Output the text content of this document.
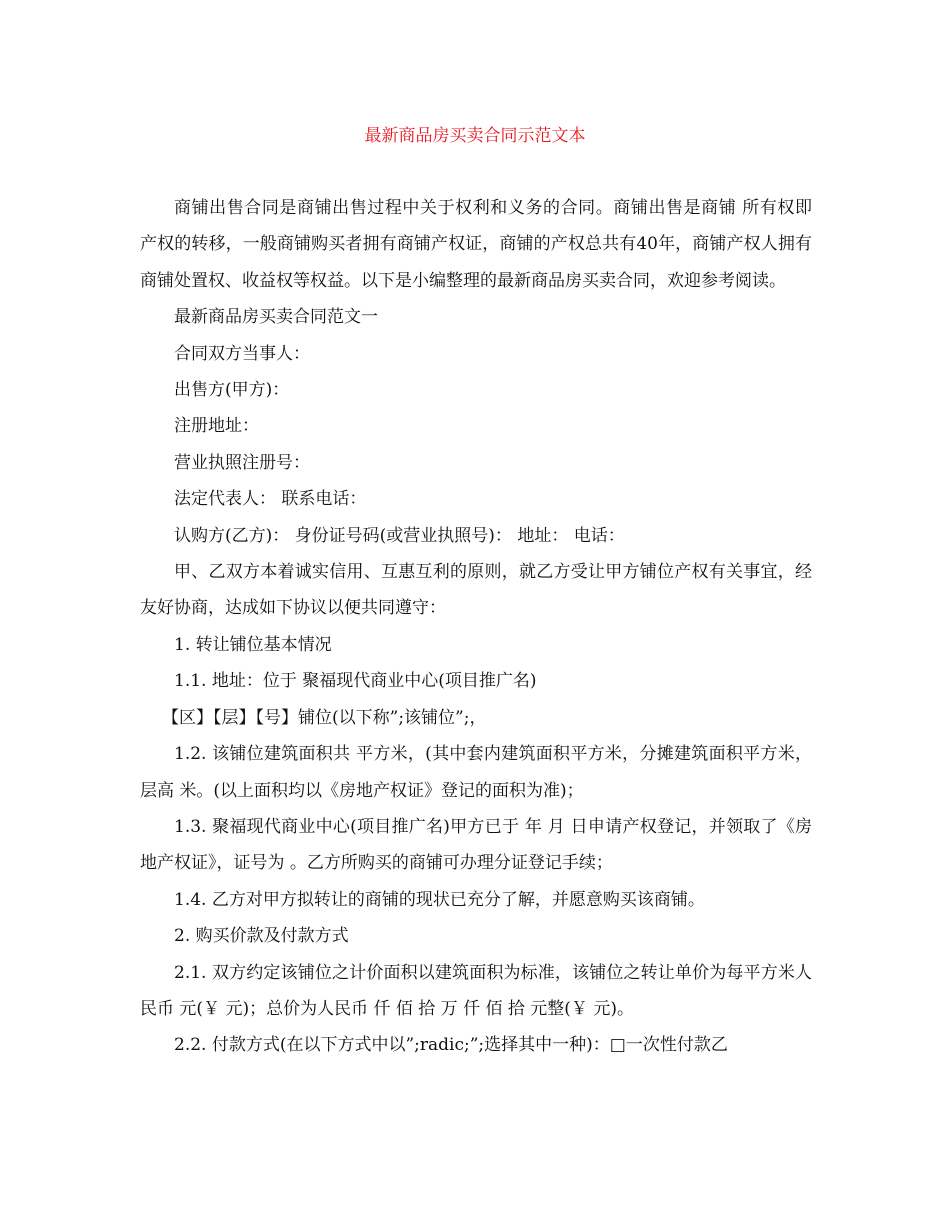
最新商品房买卖合同示范文本

商铺出售合同是商铺出售过程中关于权利和义务的合同。商铺出售是商铺 所有权即 产权的转移，一般商铺购买者拥有商铺产权证，商铺的产权总共有40年，商铺产权人拥有商铺处置权、收益权等权益。以下是小编整理的最新商品房买卖合同，欢迎参考阅读。

最新商品房买卖合同范文一

合同双方当事人：

出售方(甲方)：

注册地址：

营业执照注册号：

法定代表人： 联系电话：

认购方(乙方)： 身份证号码(或营业执照号)： 地址： 电话：

甲、乙双方本着诚实信用、互惠互利的原则，就乙方受让甲方铺位产权有关事宜，经友好协商，达成如下协议以便共同遵守：

1. 转让铺位基本情况

1.1. 地址：位于 聚福现代商业中心(项目推广名)

【区】【层】【号】铺位(以下称”;该铺位”;，

1.2. 该铺位建筑面积共 平方米，(其中套内建筑面积平方米，分摊建筑面积平方米，层高 米。(以上面积均以《房地产权证》登记的面积为准)；

1.3. 聚福现代商业中心(项目推广名)甲方已于 年 月 日申请产权登记，并领取了《房地产权证》，证号为 。乙方所购买的商铺可办理分证登记手续；

1.4. 乙方对甲方拟转让的商铺的现状已充分了解，并愿意购买该商铺。

2. 购买价款及付款方式

2.1. 双方约定该铺位之计价面积以建筑面积为标准，该铺位之转让单价为每平方米人民币 元(￥ 元)；总价为人民币 仟 佰 拾 万 仟 佰 拾 元整(￥ 元)。

2.2. 付款方式(在以下方式中以”;radic;”;选择其中一种)：□一次性付款乙
